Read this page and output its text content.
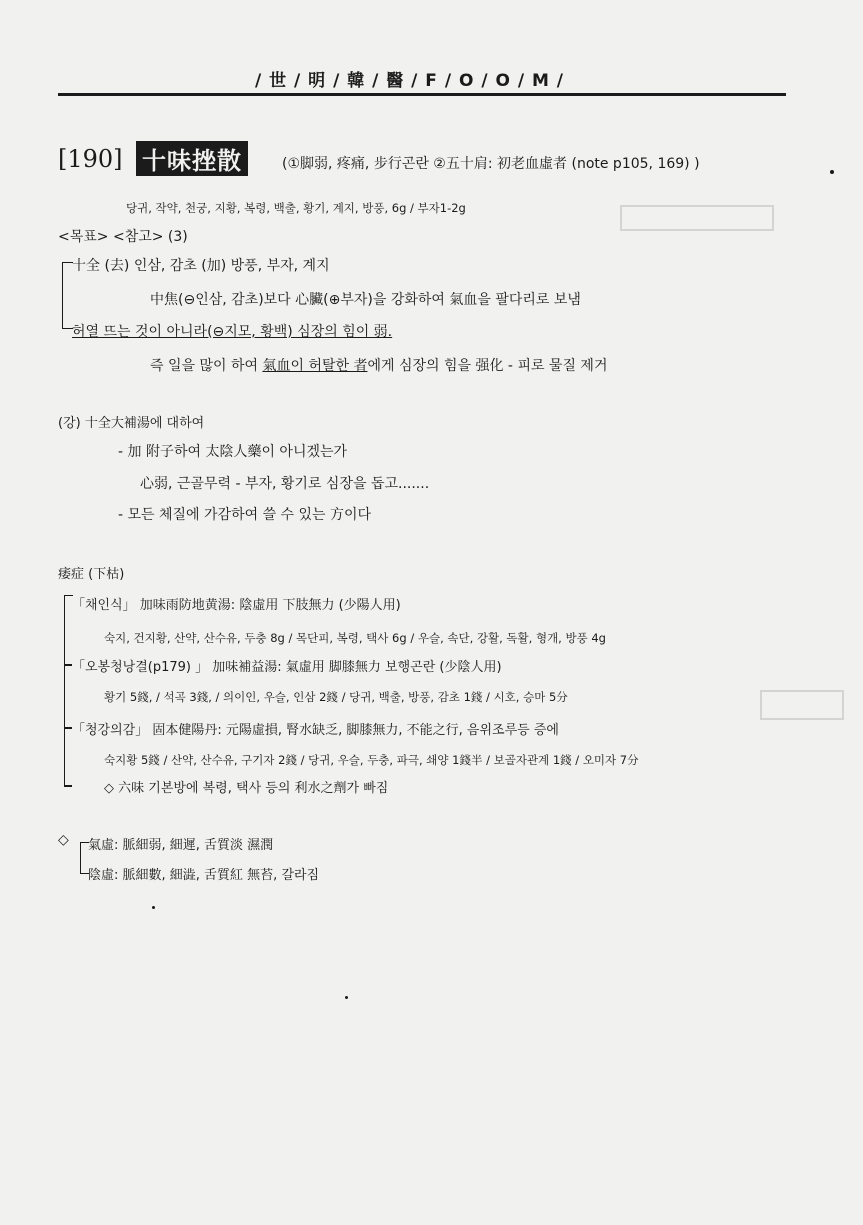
/ 世 / 明 / 韓 / 醫 / F / O / O / M /
[190] 十味挫散	(①脚弱, 疼痛, 步行곤란 ②五十肩: 初老血虛者 (note p105, 169) )
당귀, 작약, 천궁, 지황, 복령, 백출, 황기, 계지, 방풍, 6g / 부자1-2g
<목표> <참고> (3)
十全 (去) 인삼, 감초 (加) 방풍, 부자, 계지
中焦(⊖인삼, 감초)보다 心臟(⊕부자)을 강화하여 氣血을 팔다리로 보냄
허열 뜨는 것이 아니라(⊖지모, 황백) 심장의 힘이 弱.
즉 일을 많이 하여 氣血이 허탈한 者에게 심장의 힘을 强化 - 피로 물질 제거
(강) 十全大補湯에 대하여
- 加 附子하여 太陰人藥이 아니겠는가
心弱, 근골무력 - 부자, 황기로 심장을 돕고.......
- 모든 체질에 가감하여 쓸 수 있는 方이다
痿症 (下枯)
「채인식」 加味雨防地黄湯: 陰虛用 下肢無力 (少陽人用)
숙지, 건지황, 산약, 산수유, 두충 8g / 목단피, 복령, 택사 6g / 우슬, 속단, 강활, 독활, 형개, 방풍 4g
「오봉청낭결(p179) 」 加味補益湯: 氣虛用 脚膝無力 보행곤란 (少陰人用)
황기 5錢, / 석곡 3錢, / 의이인, 우슬, 인삼 2錢 / 당귀, 백출, 방풍, 감초 1錢 / 시호, 승마 5分
「청강의감」 固本健陽丹: 元陽虛損, 腎水缺乏, 脚膝無力, 不能之行, 음위조루등 증에
숙지황 5錢 / 산약, 산수유, 구기자 2錢 / 당귀, 우슬, 두충, 파극, 쇄양 1錢半 / 보골자관계 1錢 / 오미자 7分
◇ 六味 기본방에 복령, 택사 등의 利水之劑가 빠짐
◇ 氣虛: 脈細弱, 細遲, 舌質淡 濕潤
陰虛: 脈細數, 細澁, 舌質紅 無苔, 갈라짐
